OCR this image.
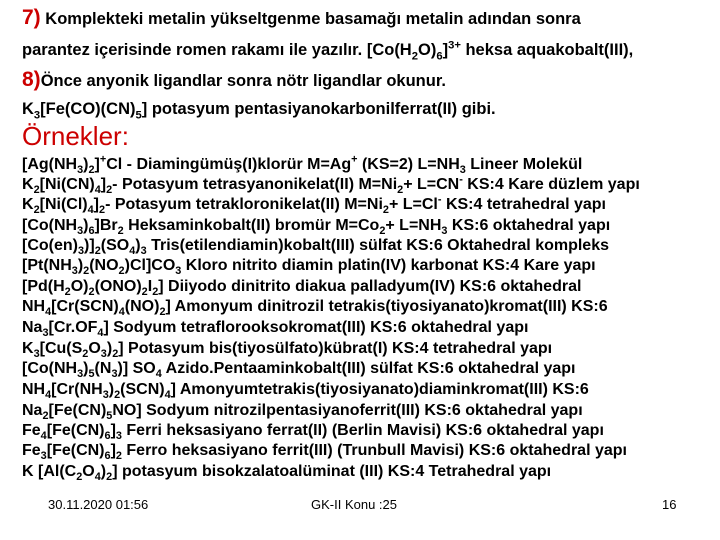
7) Komplekteki metalin yükseltgenme basamağı metalin adından sonra
parantez içerisinde romen rakamı ile yazılır. $[Co(H_2O)_6]^{3+}$ heksa aquakobalt(III),
8)Önce anyonik ligandlar sonra nötr ligandlar okunur.
$K_3[Fe(CO)(CN)_5]$ potasyum pentasiyanokarbonilferrat(II) gibi.
Örnekler:
$[Ag(NH_3)_2]^+Cl$ - Diamingümüş(I)klorür M=Ag+ (KS=2) $L=NH_3$ Lineer Molekül
$K_2[Ni(CN)_4]_2-$ Potasyum tetrasyanonikelat(II) $M=Ni_2+ L=CN^-$ KS:4 Kare düzlem yapı
$K_2[Ni(Cl)_4]_2-$ Potasyum tetrakloronikelat(II) $M=Ni_2+ L=Cl^-$ KS:4 tetrahedral yapı
$[Co(NH_3)_6]Br_2$ Heksaminkobalt(II) bromür $M=Co_2+ L=NH_3$ KS:6 oktahedral yapı
$[Co(en)_3)]_2(SO_4)_3$ Tris(etilendiamin)kobalt(III) sülfat KS:6 Oktahedral kompleks
$[Pt(NH_3)_2(NO_2)Cl]CO_3$ Kloro nitrito diamin platin(IV) karbonat KS:4 Kare yapı
$[Pd(H_2O)_2(ONO)_2I_2]$ Diiyodo dinitrito diakua palladyum(IV) KS:6 oktahedral
$NH_4[Cr(SCN)_4(NO)_2]$ Amonyum dinitrozil tetrakis(tiyosiyanato)kromat(III) KS:6
$Na_3[Cr.OF_4]$ Sodyum tetraflorooksokromat(III) KS:6 oktahedral yapı
$K_3[Cu(S_2O_3)_2]$ Potasyum bis(tiyosülfato)kübrat(I) KS:4 tetrahedral yapı
$[Co(NH_3)_5(N_3)]$ $SO_4$ Azido.Pentaaminkobalt(III) sülfat KS:6 oktahedral yapı
$NH_4[Cr(NH_3)_2(SCN)_4]$ Amonyumtetrakis(tiyosiyanato)diaminkromat(III) KS:6
$Na_2[Fe(CN)_5NO]$ Sodyum nitrozilpentasiyanoferrit(III) KS:6 oktahedral yapı
$Fe_4[Fe(CN)_6]_3$ Ferri heksasiyano ferrat(II) (Berlin Mavisi) KS:6 oktahedral yapı
$Fe_3[Fe(CN)_6]_2$ Ferro heksasiyano ferrit(III) (Trunbull Mavisi) KS:6 oktahedral yapı
K $[Al(C_2O_4)_2]$ potasyum bisokzalatoalüminat (III) KS:4 Tetrahedral yapı
30.11.2020 01:56	GK-II Konu :25	16
